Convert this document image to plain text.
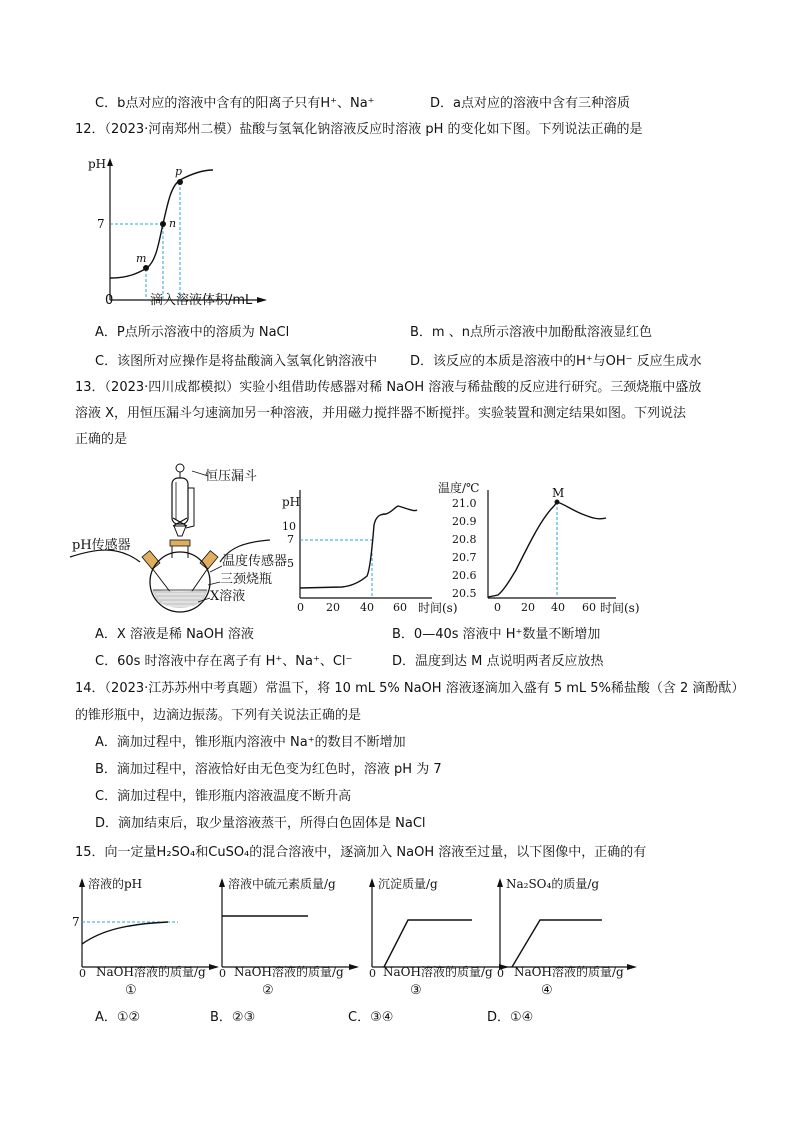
C．b点对应的溶液中含有的阳离子只有H⁺、Na⁺	D．a点对应的溶液中含有三种溶质
12．（2023·河南郑州二模）盐酸与氢氧化钠溶液反应时溶液 pH 的变化如下图。下列说法正确的是
pH
7
m
n
p
0	滴入溶液体积/mL
A．P点所示溶液中的溶质为 NaCl	B．m 、n点所示溶液中加酚酞溶液显红色
C．该图所对应操作是将盐酸滴入氢氧化钠溶液中	D．该反应的本质是溶液中的H⁺与OH⁻ 反应生成水
13．（2023·四川成都模拟）实验小组借助传感器对稀 NaOH 溶液与稀盐酸的反应进行研究。三颈烧瓶中盛放
溶液 X，用恒压漏斗匀速滴加另一种溶液，并用磁力搅拌器不断搅拌。实验装置和测定结果如图。下列说法
正确的是
恒压漏斗
pH传感器
温度传感器
三颈烧瓶
X溶液
pH
10
7
5
0 20 40 60 时间(s)
温度/℃
21.0
20.9
20.8
20.7
20.6
20.5
M
0 20 40 60 时间(s)
A．X 溶液是稀 NaOH 溶液	B．0—40s 溶液中 H⁺数量不断增加
C．60s 时溶液中存在离子有 H⁺、Na⁺、Cl⁻	D．温度到达 M 点说明两者反应放热
14．（2023·江苏苏州中考真题）常温下，将 10 mL 5% NaOH 溶液逐滴加入盛有 5 mL 5%稀盐酸（含 2 滴酚酞）
的锥形瓶中，边滴边振荡。下列有关说法正确的是
A．滴加过程中，锥形瓶内溶液中 Na⁺的数目不断增加
B．滴加过程中，溶液恰好由无色变为红色时，溶液 pH 为 7
C．滴加过程中，锥形瓶内溶液温度不断升高
D．滴加结束后，取少量溶液蒸干，所得白色固体是 NaCl
15．向一定量H₂SO₄和CuSO₄的混合溶液中，逐滴加入 NaOH 溶液至过量，以下图像中，正确的有
溶液的pH
7
0 NaOH溶液的质量/g
①
溶液中硫元素质量/g
0 NaOH溶液的质量/g
②
沉淀质量/g
0 NaOH溶液的质量/g
③
Na₂SO₄的质量/g
0 NaOH溶液的质量/g
④
A．①②	B．②③	C．③④	D．①④
